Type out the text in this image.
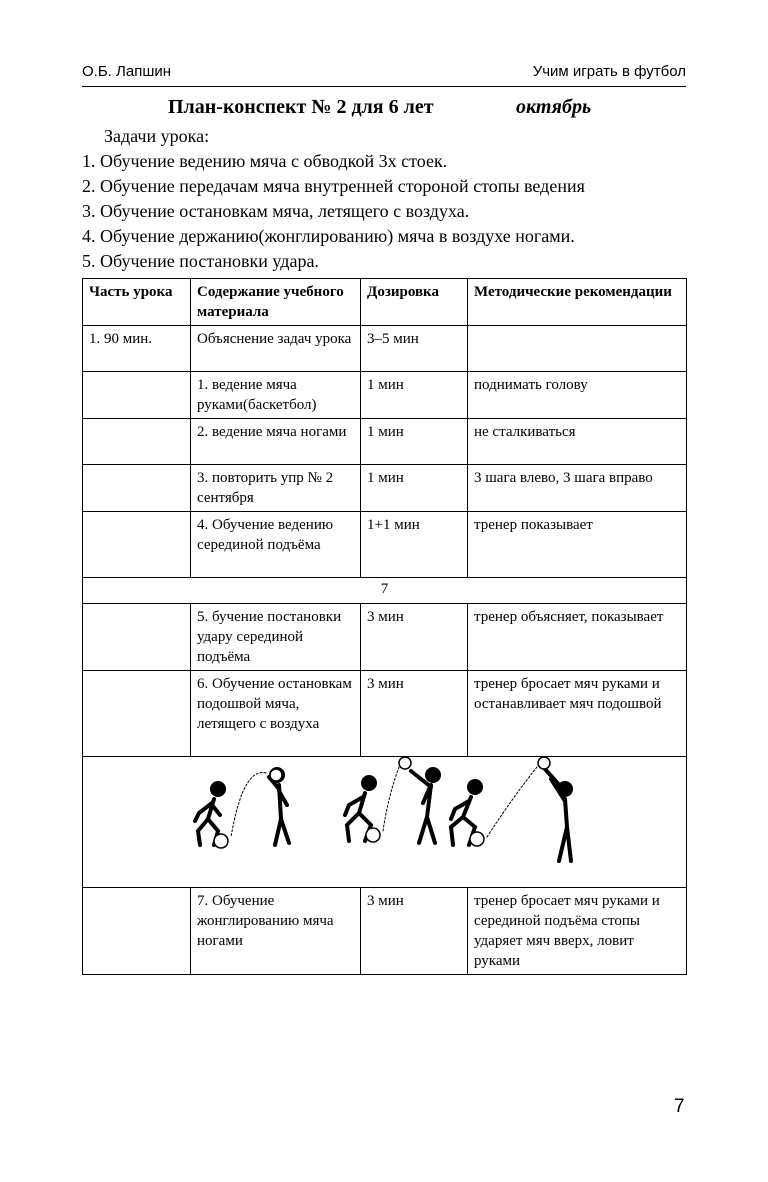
О.Б. Лапшин	Учим играть в футбол
План-конспект № 2 для 6 лет	октябрь
Задачи урока:
1. Обучение ведению мяча с обводкой 3х стоек.
2. Обучение передачам мяча внутренней стороной стопы ведения
3. Обучение остановкам мяча, летящего с воздуха.
4. Обучение держанию(жонглированию) мяча в воздухе ногами.
5. Обучение постановки удара.
Часть урока	Содержание учебного материала	Дозировка	Методические рекомендации
1. 90 мин.	Объяснение задач урока	3–5 мин	
	1. ведение мяча руками(баскетбол)	1 мин	поднимать голову
	2. ведение мяча ногами	1 мин	не сталкиваться
	3. повторить упр № 2 сентября	1 мин	3 шага влево, 3 шага вправо
	4. Обучение ведению серединой подъёма	1+1 мин	тренер показывает
7			
	5. бучение постановки удару серединой подъёма	3 мин	тренер объясняет, показывает
	6. Обучение остановкам подошвой мяча, летящего с воздуха	3 мин	тренер бросает мяч руками и останавливает мяч подошвой

	7. Обучение жонглированию мяча ногами	3 мин	тренер бросает мяч руками и серединой подъёма стопы ударяет мяч вверх, ловит руками
7
